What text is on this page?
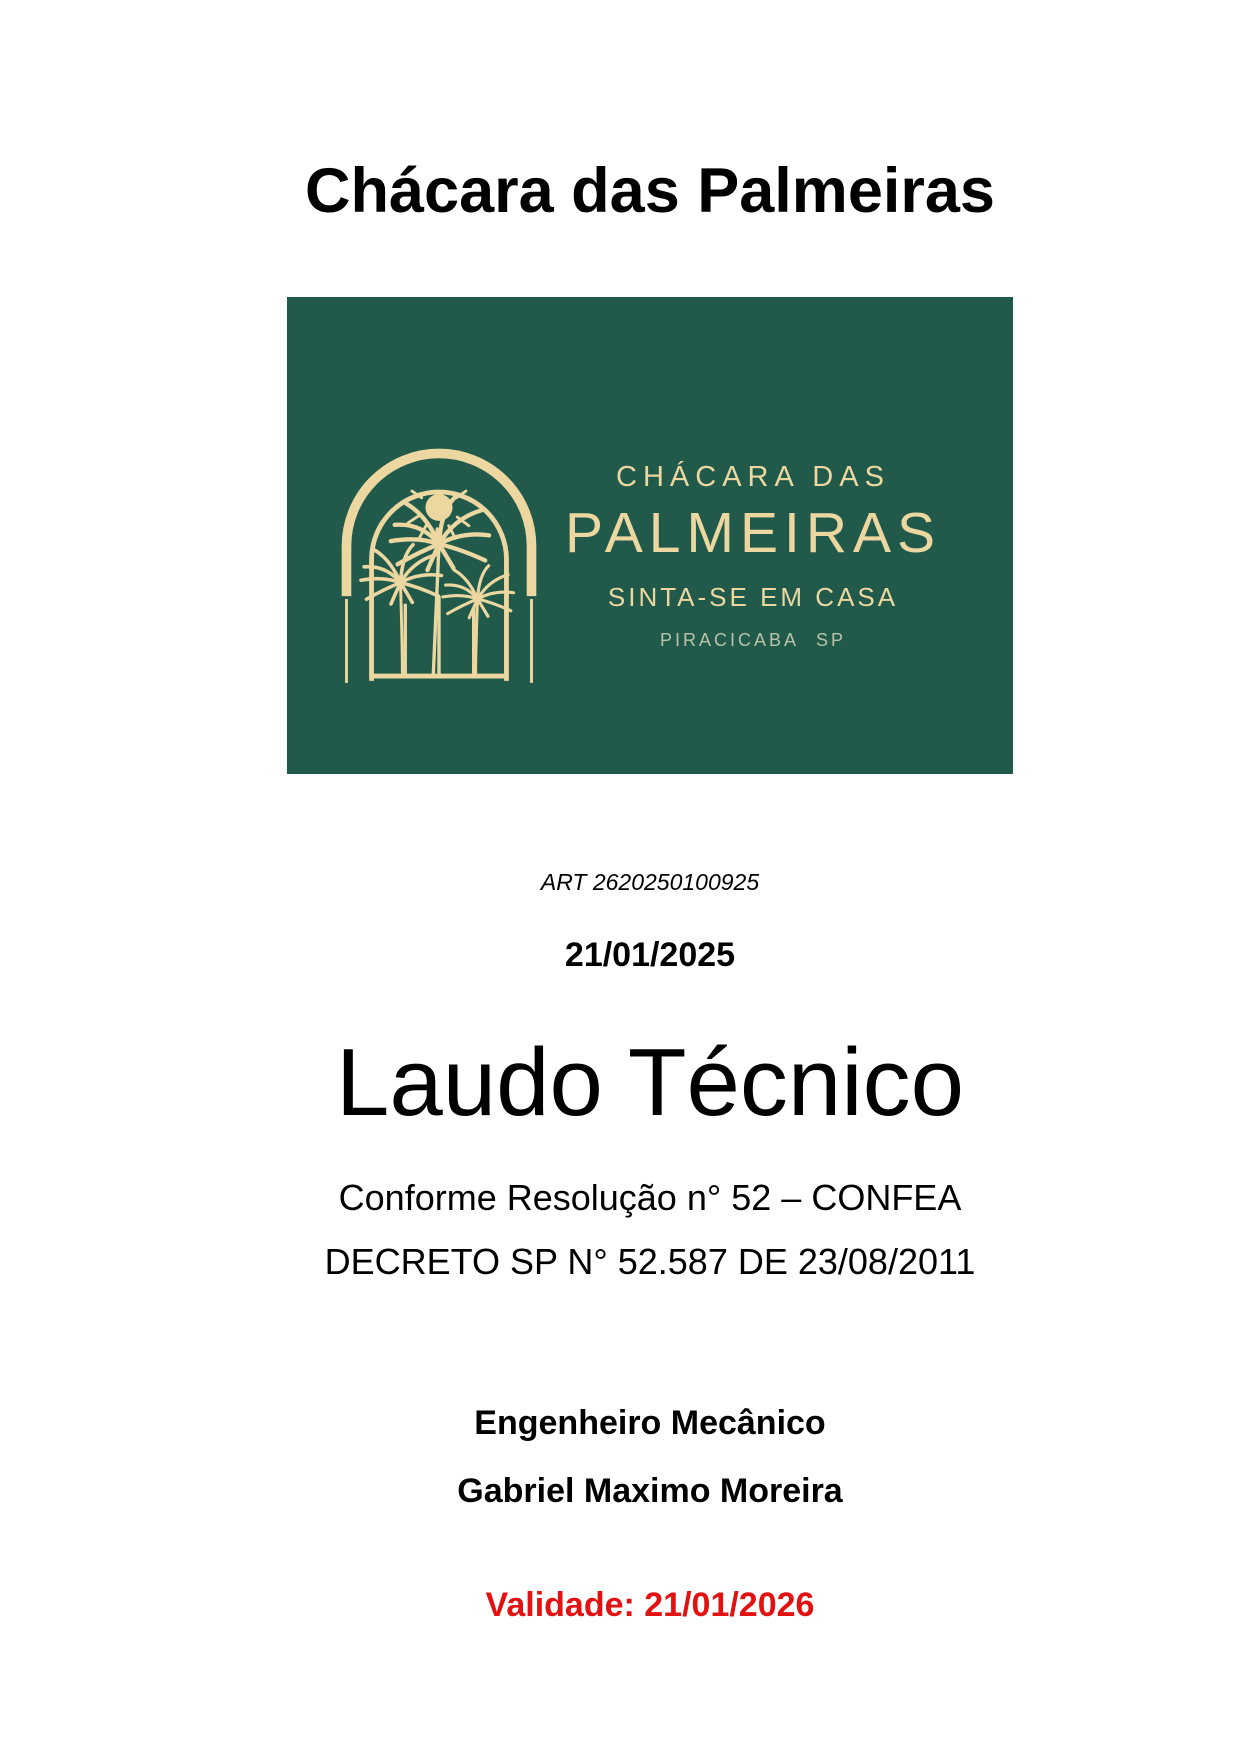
Chácara das Palmeiras
CHÁCARA DAS
PALMEIRAS
SINTA-SE EM CASA
PIRACICABA SP
ART 2620250100925
21/01/2025
Laudo Técnico
Conforme Resolução n° 52 – CONFEA
DECRETO SP N° 52.587 DE 23/08/2011
Engenheiro Mecânico
Gabriel Maximo Moreira
Validade: 21/01/2026
